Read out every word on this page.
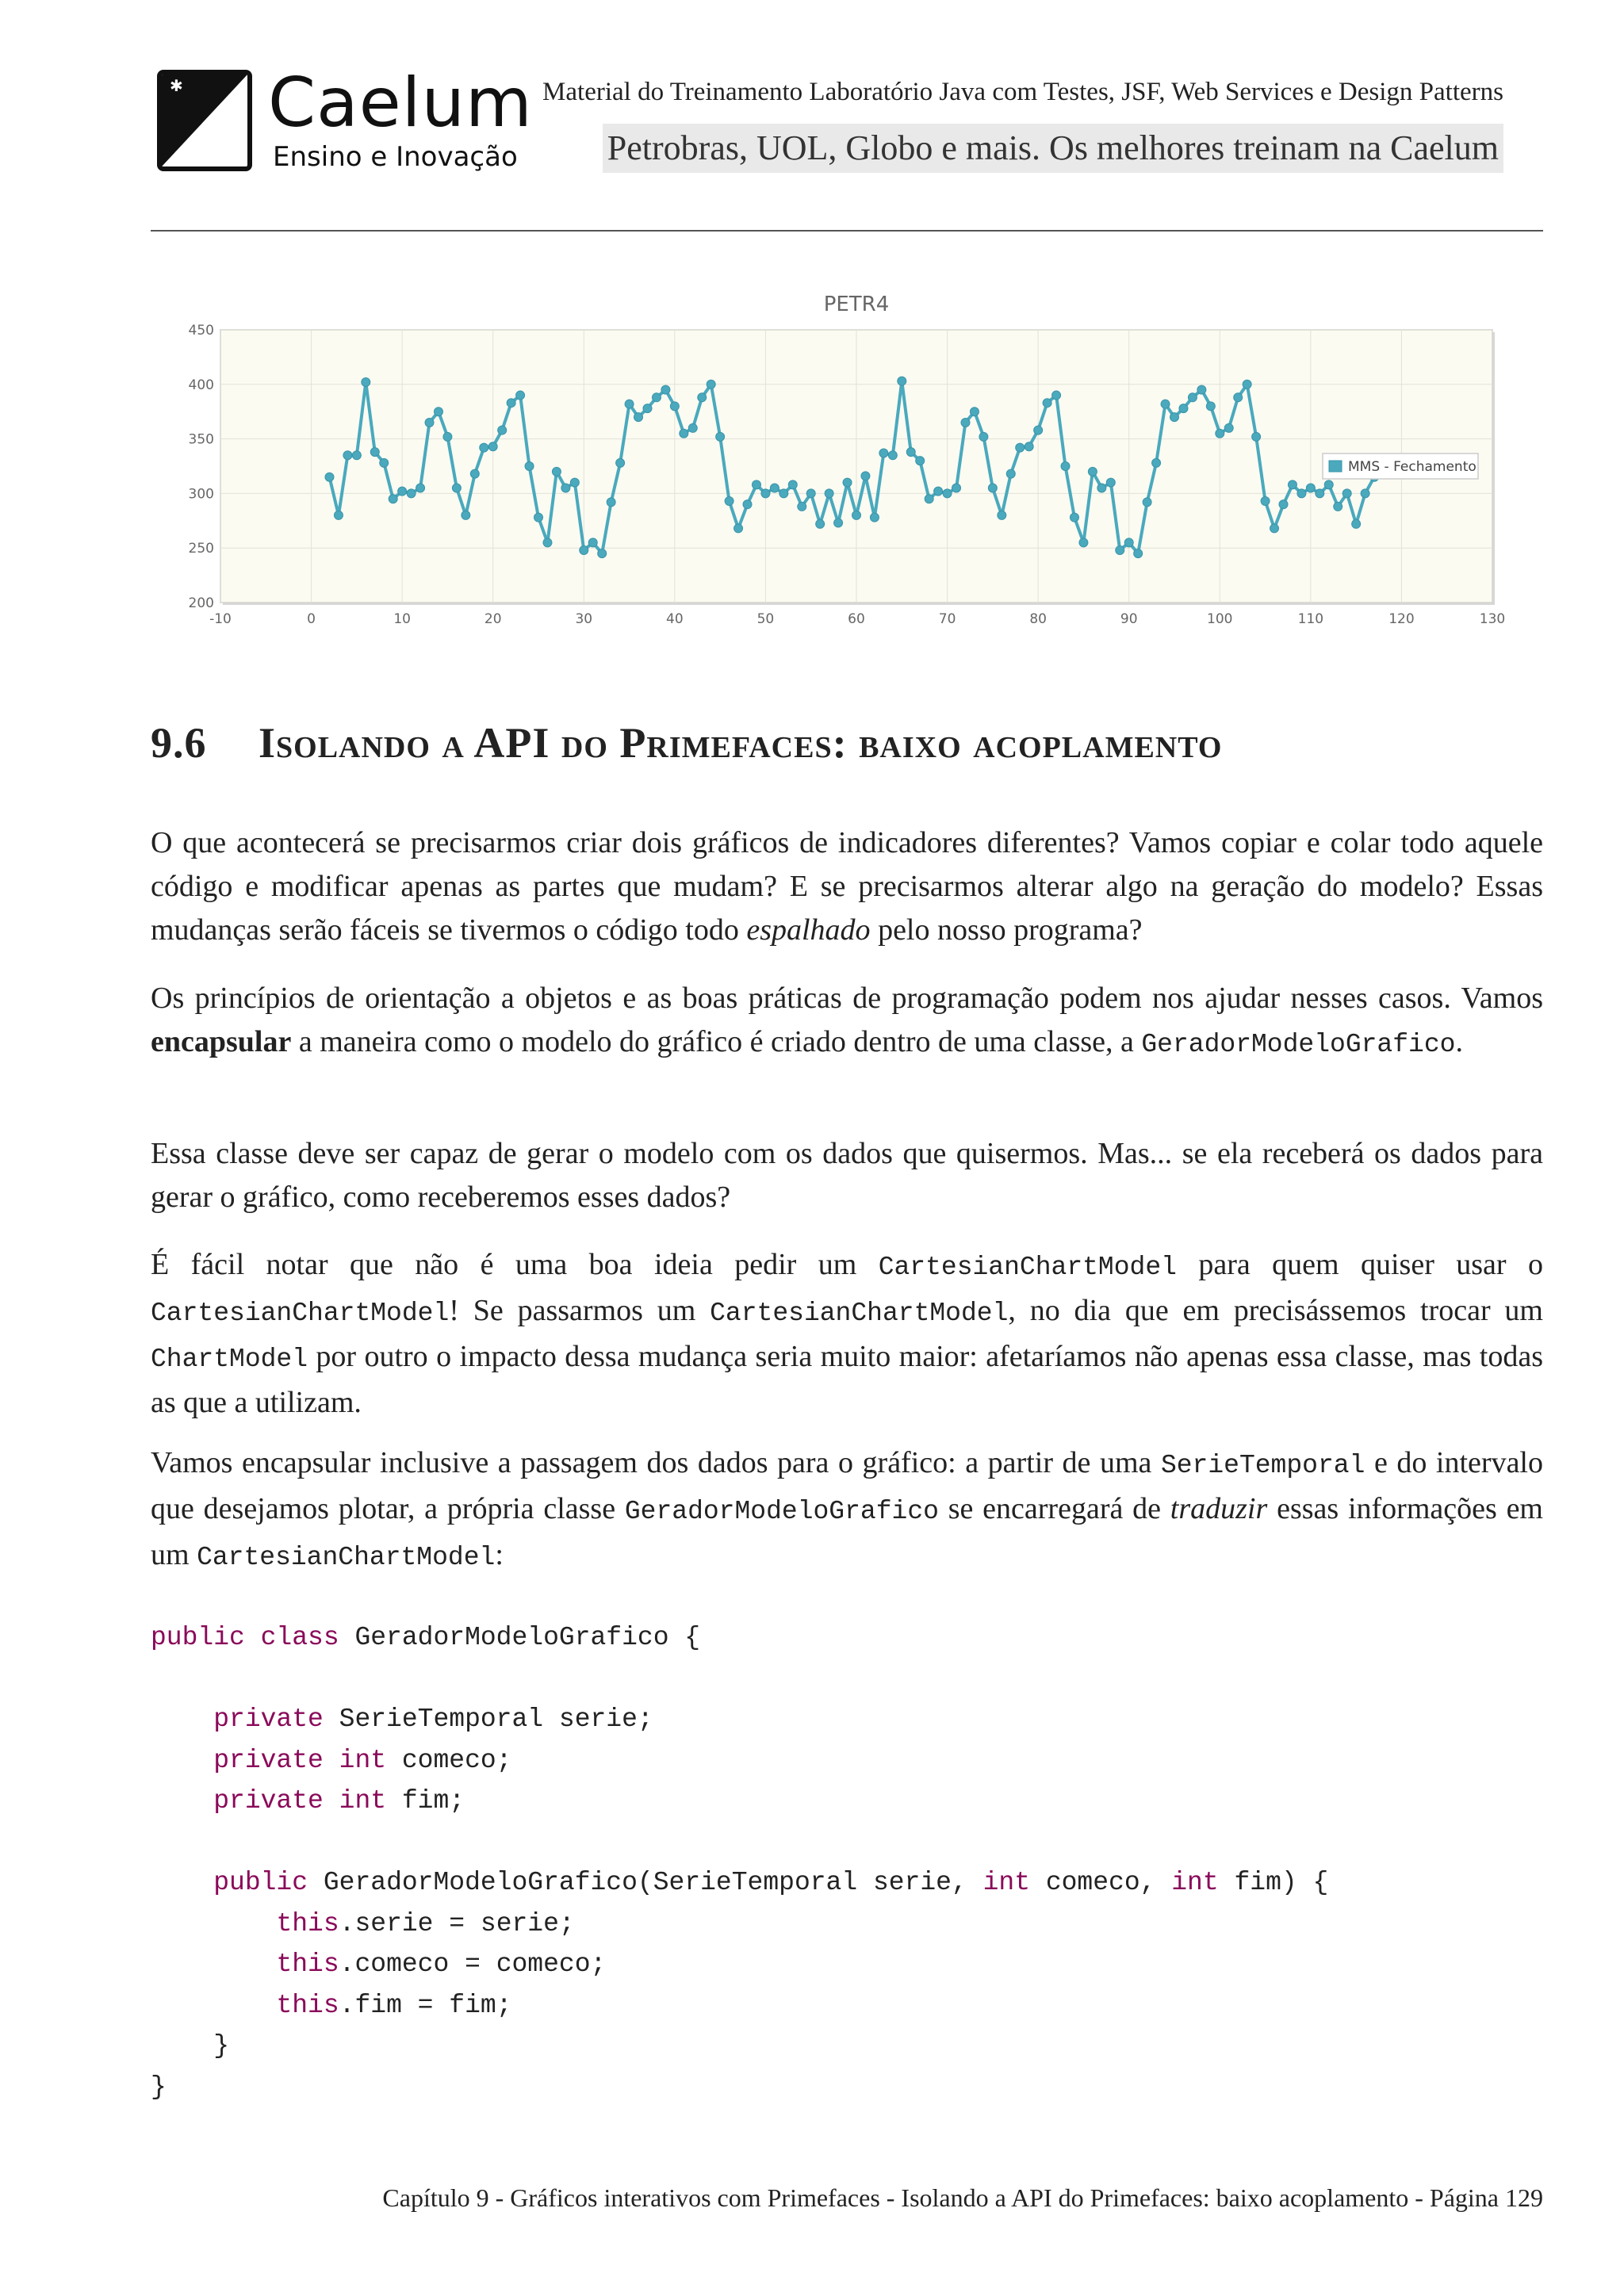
✱ Caelum
Ensino e Inovação
Material do Treinamento Laboratório Java com Testes, JSF, Web Services e Design Patterns
Petrobras, UOL, Globo e mais. Os melhores treinam na Caelum
PETR4
-10	0	10	20	30	40	50	60	70	80	90	100	110	120	130
200
250
300
350
400
450
MMS - Fechamento
9.6 Isolando a API do Primefaces: baixo acoplamento
O que acontecerá se precisarmos criar dois gráficos de indicadores diferentes? Vamos copiar e colar todo aquele código e modificar apenas as partes que mudam? E se precisarmos alterar algo na geração do modelo? Essas mudanças serão fáceis se tivermos o código todo espalhado pelo nosso programa?
Os princípios de orientação a objetos e as boas práticas de programação podem nos ajudar nesses casos. Vamos encapsular a maneira como o modelo do gráfico é criado dentro de uma classe, a GeradorModeloGrafico.
Essa classe deve ser capaz de gerar o modelo com os dados que quisermos. Mas... se ela receberá os dados para gerar o gráfico, como receberemos esses dados?
É fácil notar que não é uma boa ideia pedir um CartesianChartModel para quem quiser usar o CartesianChartModel! Se passarmos um CartesianChartModel, no dia que em precisássemos trocar um ChartModel por outro o impacto dessa mudança seria muito maior: afetaríamos não apenas essa classe, mas todas as que a utilizam.
Vamos encapsular inclusive a passagem dos dados para o gráfico: a partir de uma SerieTemporal e do intervalo que desejamos plotar, a própria classe GeradorModeloGrafico se encarregará de traduzir essas informações em um CartesianChartModel:
public class GeradorModeloGrafico {

private SerieTemporal serie;
private int comeco;
private int fim;

public GeradorModeloGrafico(SerieTemporal serie, int comeco, int fim) {
this.serie = serie;
this.comeco = comeco;
this.fim = fim;
}
}
Capítulo 9 - Gráficos interativos com Primefaces - Isolando a API do Primefaces: baixo acoplamento - Página 129
